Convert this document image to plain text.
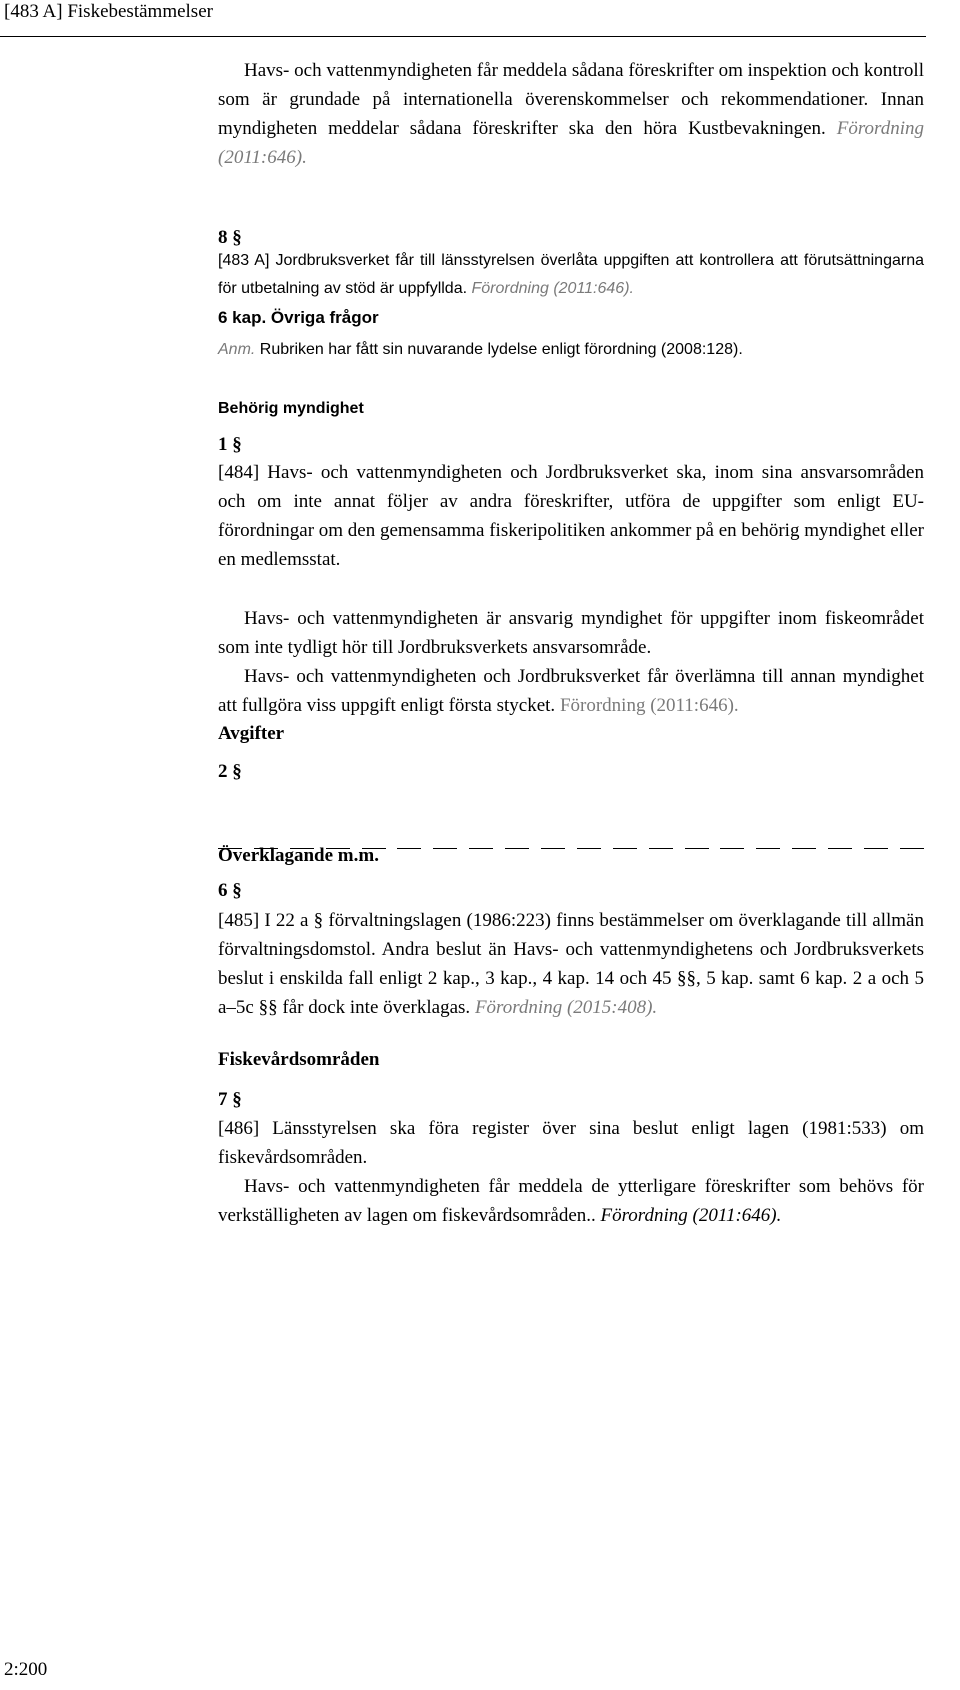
[483 A] Fiskebestämmelser
Havs- och vattenmyndigheten får meddela sådana föreskrifter om inspektion och kontroll som är grundade på internationella överenskommelser och rekommendationer. Innan myndigheten meddelar sådana föreskrifter ska den höra Kustbevakningen. Förordning (2011:646).
8 §
[483 A] Jordbruksverket får till länsstyrelsen överlåta uppgiften att kontrollera att förutsättningarna för utbetalning av stöd är uppfyllda. Förordning (2011:646).
6 kap. Övriga frågor
Anm. Rubriken har fått sin nuvarande lydelse enligt förordning (2008:128).
Behörig myndighet
1 §
[484] Havs- och vattenmyndigheten och Jordbruksverket ska, inom sina ansvarsområden och om inte annat följer av andra föreskrifter, utföra de uppgifter som enligt EU-förordningar om den gemensamma fiskeripolitiken ankommer på en behörig myndighet eller en medlemsstat.
Havs- och vattenmyndigheten är ansvarig myndighet för uppgifter inom fiskeområdet som inte tydligt hör till Jordbruksverkets ansvarsområde.
Havs- och vattenmyndigheten och Jordbruksverket får överlämna till annan myndighet att fullgöra viss uppgift enligt första stycket. Förordning (2011:646).
Avgifter
2 §
Överklagande m.m.
6 §
[485] I 22 a § förvaltningslagen (1986:223) finns bestämmelser om överklagande till allmän förvaltningsdomstol. Andra beslut än Havs- och vattenmyndighetens och Jordbruksverkets beslut i enskilda fall enligt 2 kap., 3 kap., 4 kap. 14 och 45 §§, 5 kap. samt 6 kap. 2 a och 5 a–5c §§ får dock inte överklagas. Förordning (2015:408).
Fiskevårdsområden
7 §
[486] Länsstyrelsen ska föra register över sina beslut enligt lagen (1981:533) om fiskevårdsområden.
Havs- och vattenmyndigheten får meddela de ytterligare föreskrifter som behövs för verkställigheten av lagen om fiskevårdsområden.. Förordning (2011:646).
2:200
